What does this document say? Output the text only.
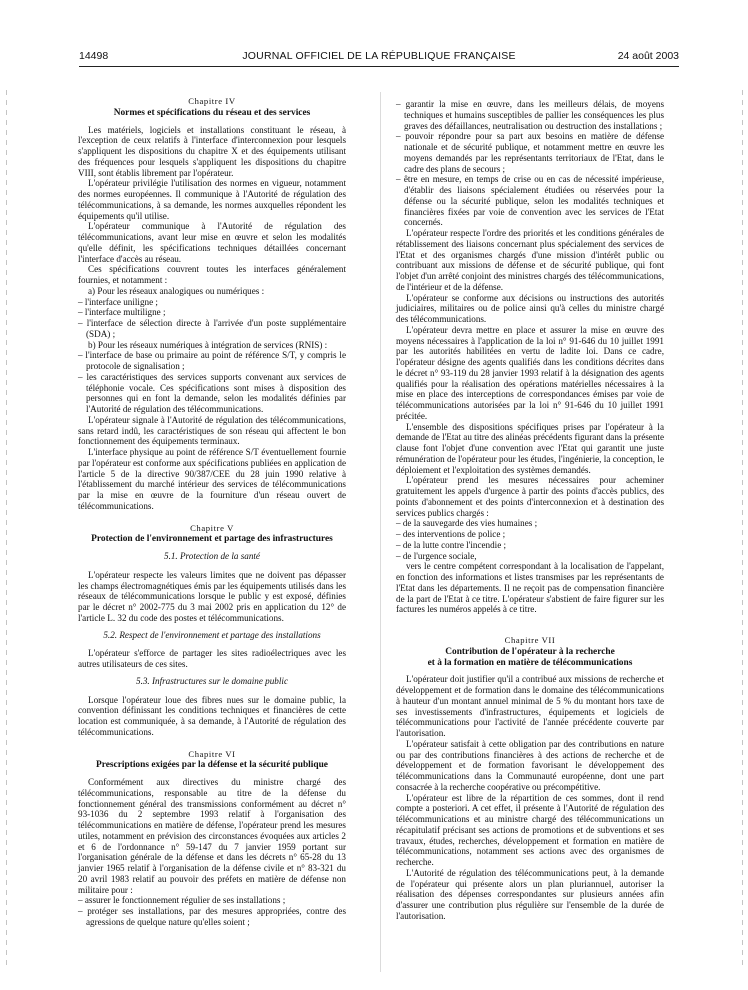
14498	JOURNAL OFFICIEL DE LA RÉPUBLIQUE FRANÇAISE	24 août 2003
Chapitre IV
Normes et spécifications du réseau et des services

Les matériels, logiciels et installations constituant le réseau, à l'exception de ceux relatifs à l'interface d'interconnexion pour lesquels s'appliquent les dispositions du chapitre X et des équipements utilisant des fréquences pour lesquels s'appliquent les dispositions du chapitre VIII, sont établis librement par l'opérateur.

L'opérateur privilégie l'utilisation des normes en vigueur, notamment des normes européennes. Il communique à l'Autorité de régulation des télécommunications, à sa demande, les normes auxquelles répondent les équipements qu'il utilise.

L'opérateur communique à l'Autorité de régulation des télécommunications, avant leur mise en œuvre et selon les modalités qu'elle définit, les spécifications techniques détaillées concernant l'interface d'accès au réseau.

Ces spécifications couvrent toutes les interfaces généralement fournies, et notamment :

a) Pour les réseaux analogiques ou numériques :

– l'interface unilignе ;
– l'interface multiligne ;
– l'interface de sélection directe à l'arrivée d'un poste supplémentaire (SDA) ;

b) Pour les réseaux numériques à intégration de services (RNIS) :

– l'interface de base ou primaire au point de référence S/T, y compris le protocole de signalisation ;
– les caractéristiques des services supports convenant aux services de téléphonie vocale. Ces spécifications sont mises à disposition des personnes qui en font la demande, selon les modalités définies par l'Autorité de régulation des télécommunications.

L'opérateur signale à l'Autorité de régulation des télécommunications, sans retard indû, les caractéristiques de son réseau qui affectent le bon fonctionnement des équipements terminaux.

L'interface physique au point de référence S/T éventuellement fournie par l'opérateur est conforme aux spécifications publiées en application de l'article 5 de la directive 90/387/CEE du 28 juin 1990 relative à l'établissement du marché intérieur des services de télécommunications par la mise en œuvre de la fourniture d'un réseau ouvert de télécommunications.

Chapitre V
Protection de l'environnement et partage des infrastructures
5.1. Protection de la santé

L'opérateur respecte les valeurs limites que ne doivent pas dépasser les champs électromagnétiques émis par les équipements utilisés dans les réseaux de télécommunications lorsque le public y est exposé, définies par le décret n° 2002-775 du 3 mai 2002 pris en application du 12° de l'article L. 32 du code des postes et télécommunications.

5.2. Respect de l'environnement et partage des installations

L'opérateur s'efforce de partager les sites radioélectriques avec les autres utilisateurs de ces sites.

5.3. Infrastructures sur le domaine public

Lorsque l'opérateur loue des fibres nues sur le domaine public, la convention définissant les conditions techniques et financières de cette location est communiquée, à sa demande, à l'Autorité de régulation des télécommunications.

Chapitre VI
Prescriptions exigées par la défense et la sécurité publique

Conformément aux directives du ministre chargé des télécommunications, responsable au titre de la défense du fonctionnement général des transmissions conformément au décret n° 93-1036 du 2 septembre 1993 relatif à l'organisation des télécommunications en matière de défense, l'opérateur prend les mesures utiles, notamment en prévision des circonstances évoquées aux articles 2 et 6 de l'ordonnance n° 59-147 du 7 janvier 1959 portant sur l'organisation générale de la défense et dans les décrets n° 65-28 du 13 janvier 1965 relatif à l'organisation de la défense civile et n° 83-321 du 20 avril 1983 relatif au pouvoir des préfets en matière de défense non militaire pour :

– assurer le fonctionnement régulier de ses installations ;
– protéger ses installations, par des mesures appropriées, contre des agressions de quelque nature qu'elles soient ;
– garantir la mise en œuvre, dans les meilleurs délais, de moyens techniques et humains susceptibles de pallier les conséquences les plus graves des défaillances, neutralisation ou destruction des installations ;
– pouvoir répondre pour sa part aux besoins en matière de défense nationale et de sécurité publique, et notamment mettre en œuvre les moyens demandés par les représentants territoriaux de l'Etat, dans le cadre des plans de secours ;
– être en mesure, en temps de crise ou en cas de nécessité impérieuse, d'établir des liaisons spécialement étudiées ou réservées pour la défense ou la sécurité publique, selon les modalités techniques et financières fixées par voie de convention avec les services de l'Etat concernés.

L'opérateur respecte l'ordre des priorités et les conditions générales de rétablissement des liaisons concernant plus spécialement des services de l'Etat et des organismes chargés d'une mission d'intérêt public ou contribuant aux missions de défense et de sécurité publique, qui font l'objet d'un arrêté conjoint des ministres chargés des télécommunications, de l'intérieur et de la défense.

L'opérateur se conforme aux décisions ou instructions des autorités judiciaires, militaires ou de police ainsi qu'à celles du ministre chargé des télécommunications.

L'opérateur devra mettre en place et assurer la mise en œuvre des moyens nécessaires à l'application de la loi n° 91-646 du 10 juillet 1991 par les autorités habilitées en vertu de ladite loi. Dans ce cadre, l'opérateur désigne des agents qualifiés dans les conditions décrites dans le décret n° 93-119 du 28 janvier 1993 relatif à la désignation des agents qualifiés pour la réalisation des opérations matérielles nécessaires à la mise en place des interceptions de correspondances émises par voie de télécommunications autorisées par la loi n° 91-646 du 10 juillet 1991 précitée.

L'ensemble des dispositions spécifiques prises par l'opérateur à la demande de l'Etat au titre des alinéas précédents figurant dans la présente clause font l'objet d'une convention avec l'Etat qui garantit une juste rémunération de l'opérateur pour les études, l'ingénierie, la conception, le déploiement et l'exploitation des systèmes demandés.

L'opérateur prend les mesures nécessaires pour acheminer gratuitement les appels d'urgence à partir des points d'accès publics, des points d'abonnement et des points d'interconnexion et à destination des services publics chargés :

– de la sauvegarde des vies humaines ;
– des interventions de police ;
– de la lutte contre l'incendie ;
– de l'urgence sociale,

vers le centre compétent correspondant à la localisation de l'appelant, en fonction des informations et listes transmises par les représentants de l'Etat dans les départements. Il ne reçoit pas de compensation financière de la part de l'Etat à ce titre. L'opérateur s'abstient de faire figurer sur les factures les numéros appelés à ce titre.

Chapitre VII
Contribution de l'opérateur à la recherche
et à la formation en matière de télécommunications

L'opérateur doit justifier qu'il a contribué aux missions de recherche et développement et de formation dans le domaine des télécommunications à hauteur d'un montant annuel minimal de 5 % du montant hors taxe de ses investissements d'infrastructures, équipements et logiciels de télécommunications pour l'activité de l'année précédente couverte par l'autorisation.

L'opérateur satisfait à cette obligation par des contributions en nature ou par des contributions financières à des actions de recherche et de développement et de formation favorisant le développement des télécommunications dans la Communauté européenne, dont une part consacrée à la recherche coopérative ou précompétitive.

L'opérateur est libre de la répartition de ces sommes, dont il rend compte a posteriori. A cet effet, il présente à l'Autorité de régulation des télécommunications et au ministre chargé des télécommunications un récapitulatif précisant ses actions de promotions et de subventions et ses travaux, études, recherches, développement et formation en matière de télécommunications, notamment ses actions avec des organismes de recherche.

L'Autorité de régulation des télécommunications peut, à la demande de l'opérateur qui présente alors un plan pluriannuel, autoriser la réalisation des dépenses correspondantes sur plusieurs années afin d'assurer une contribution plus régulière sur l'ensemble de la durée de l'autorisation.
